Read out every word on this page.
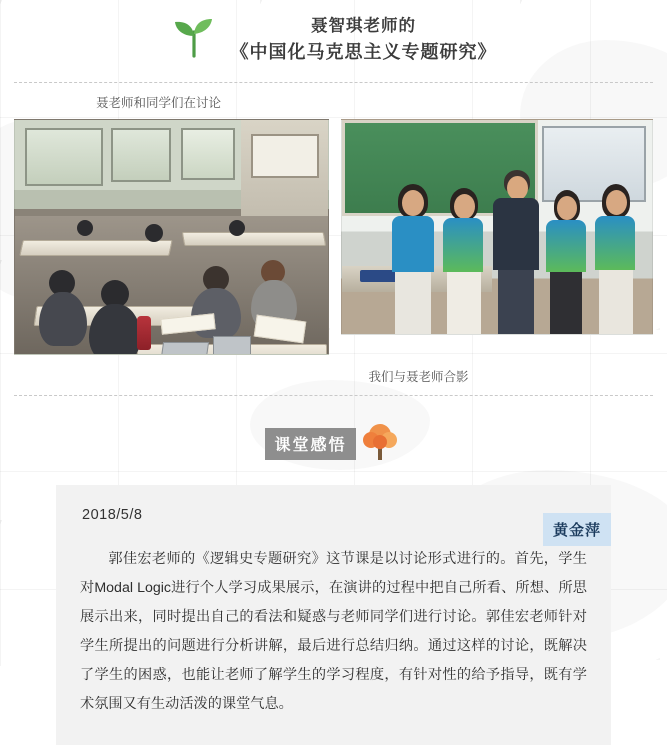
聂智琪老师的
《中国化马克思主义专题研究》
聂老师和同学们在讨论
我们与聂老师合影
课堂感悟
2018/5/8
黄金萍
郭佳宏老师的《逻辑史专题研究》这节课是以讨论形式进行的。首先，学生对Modal Logic进行个人学习成果展示，在演讲的过程中把自己所看、所想、所思展示出来，同时提出自己的看法和疑惑与老师同学们进行讨论。郭佳宏老师针对学生所提出的问题进行分析讲解，最后进行总结归纳。通过这样的讨论，既解决了学生的困惑，也能让老师了解学生的学习程度，有针对性的给予指导，既有学术氛围又有生动活泼的课堂气息。
